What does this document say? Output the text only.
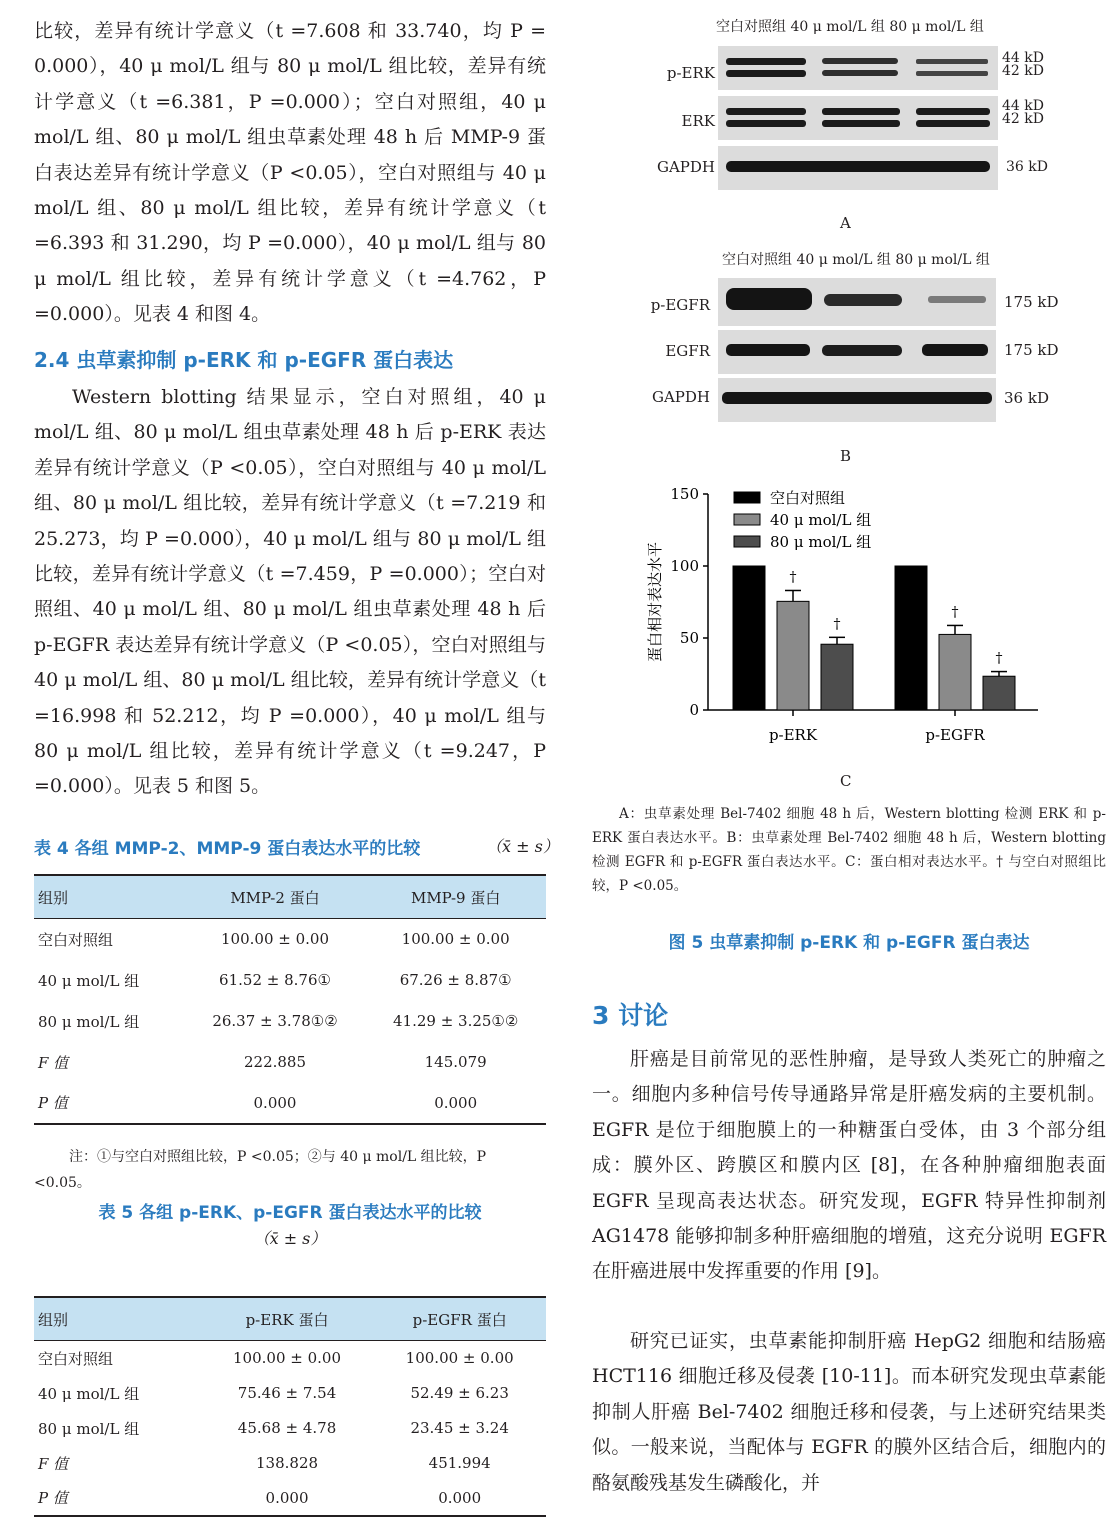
比较，差异有统计学意义（t =7.608 和 33.740，均 P = 0.000），40 μ mol/L 组与 80 μ mol/L 组比较，差异有统计学意义（t =6.381，P =0.000）；空白对照组，40 μ mol/L 组、80 μ mol/L 组虫草素处理 48 h 后 MMP-9 蛋白表达差异有统计学意义（P <0.05），空白对照组与 40 μ mol/L 组、80 μ mol/L 组比较，差异有统计学意义（t =6.393 和 31.290，均 P =0.000），40 μ mol/L 组与 80 μ mol/L 组比较，差异有统计学意义（t =4.762，P =0.000）。见表 4 和图 4。
2.4 虫草素抑制 p-ERK 和 p-EGFR 蛋白表达
Western blotting 结果显示，空白对照组，40 μ mol/L 组、80 μ mol/L 组虫草素处理 48 h 后 p-ERK 表达差异有统计学意义（P <0.05），空白对照组与 40 μ mol/L 组、80 μ mol/L 组比较，差异有统计学意义（t =7.219 和 25.273，均 P =0.000），40 μ mol/L 组与 80 μ mol/L 组比较，差异有统计学意义（t =7.459，P =0.000）；空白对照组、40 μ mol/L 组、80 μ mol/L 组虫草素处理 48 h 后 p-EGFR 表达差异有统计学意义（P <0.05），空白对照组与 40 μ mol/L 组、80 μ mol/L 组比较，差异有统计学意义（t =16.998 和 52.212，均 P =0.000），40 μ mol/L 组与 80 μ mol/L 组比较，差异有统计学意义（t =9.247，P =0.000）。见表 5 和图 5。
表 4 各组 MMP-2、MMP-9 蛋白表达水平的比较	（x̄ ± s）
组别	MMP-2 蛋白	MMP-9 蛋白
空白对照组	100.00 ± 0.00	100.00 ± 0.00
40 μ mol/L 组	61.52 ± 8.76①	67.26 ± 8.87①
80 μ mol/L 组	26.37 ± 3.78①②	41.29 ± 3.25①②
F 值	222.885	145.079
P 值	0.000	0.000
注：①与空白对照组比较，P <0.05；②与 40 μ mol/L 组比较，P <0.05。
表 5 各组 p-ERK、p-EGFR 蛋白表达水平的比较
（x̄ ± s）
组别	p-ERK 蛋白	p-EGFR 蛋白
空白对照组	100.00 ± 0.00	100.00 ± 0.00
40 μ mol/L 组	75.46 ± 7.54	52.49 ± 6.23
80 μ mol/L 组	45.68 ± 4.78	23.45 ± 3.24
F 值	138.828	451.994
P 值	0.000	0.000
空白对照组 40 μ mol/L 组 80 μ mol/L 组
p-ERK
ERK
GAPDH
44 kD
42 kD
44 kD
42 kD
36 kD
A
空白对照组 40 μ mol/L 组 80 μ mol/L 组
p-EGFR
EGFR
GAPDH
175 kD
175 kD
36 kD
B
0
50
100
150
蛋白相对表达水平	†
†
p-ERK
†
†
p-EGFR
空白对照组
40 μ mol/L 组
80 μ mol/L 组
C
A：虫草素处理 Bel-7402 细胞 48 h 后，Western blotting 检测 ERK 和 p-ERK 蛋白表达水平。B：虫草素处理 Bel-7402 细胞 48 h 后，Western blotting 检测 EGFR 和 p-EGFR 蛋白表达水平。C：蛋白相对表达水平。† 与空白对照组比较，P <0.05。
图 5 虫草素抑制 p-ERK 和 p-EGFR 蛋白表达
3 讨论
肝癌是目前常见的恶性肿瘤，是导致人类死亡的肿瘤之一。细胞内多种信号传导通路异常是肝癌发病的主要机制。EGFR 是位于细胞膜上的一种糖蛋白受体，由 3 个部分组成：膜外区、跨膜区和膜内区 [8]，在各种肿瘤细胞表面 EGFR 呈现高表达状态。研究发现，EGFR 特异性抑制剂 AG1478 能够抑制多种肝癌细胞的增殖，这充分说明 EGFR 在肝癌进展中发挥重要的作用 [9]。
研究已证实，虫草素能抑制肝癌 HepG2 细胞和结肠癌 HCT116 细胞迁移及侵袭 [10-11]。而本研究发现虫草素能抑制人肝癌 Bel-7402 细胞迁移和侵袭，与上述研究结果类似。一般来说，当配体与 EGFR 的膜外区结合后，细胞内的酪氨酸残基发生磷酸化，并
